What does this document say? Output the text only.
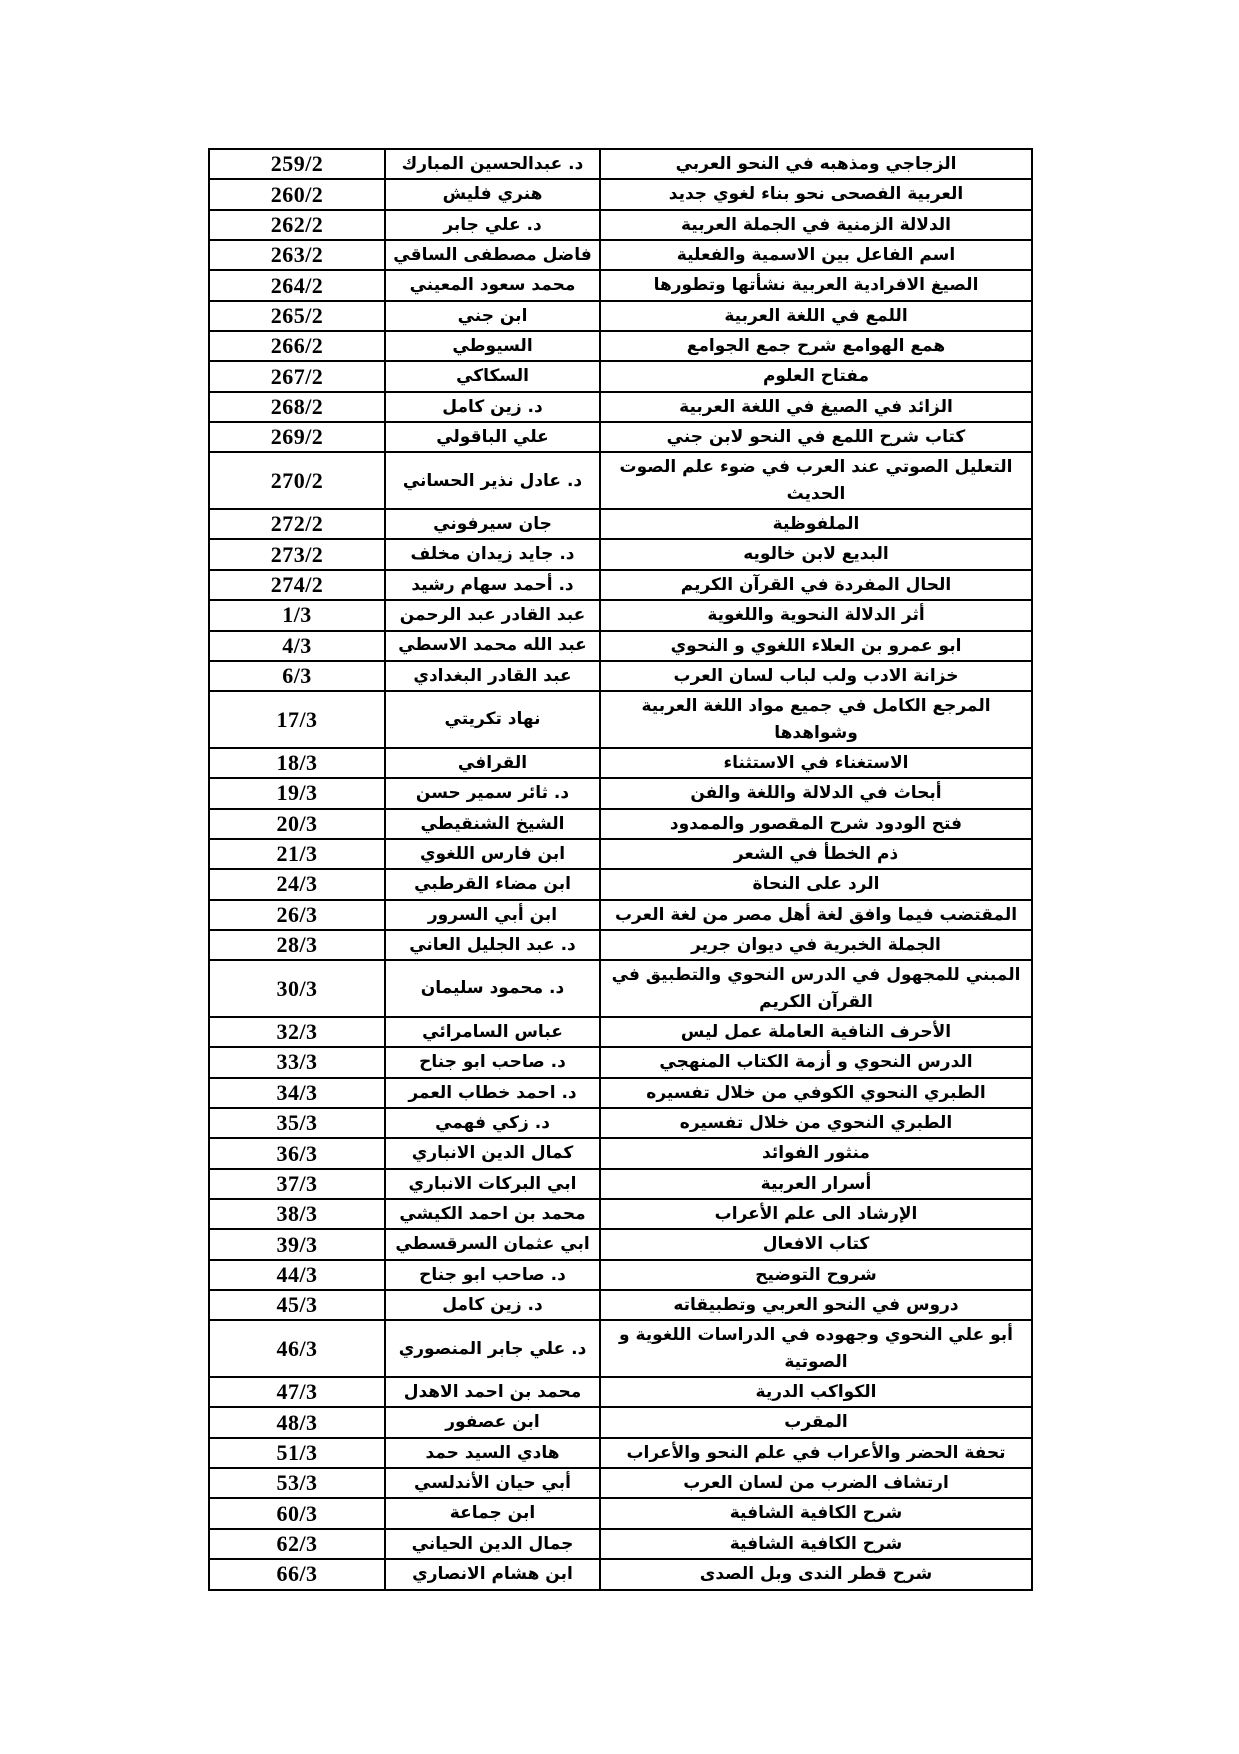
الزجاجي ومذهبه في النحو العربي	د. عبدالحسين المبارك	259/2
العربية الفصحى نحو بناء لغوي جديد	هنري فليش	260/2
الدلالة الزمنية في الجملة العربية	د. علي جابر	262/2
اسم الفاعل بين الاسمية والفعلية	فاضل مصطفى الساقي	263/2
الصيغ الافرادية العربية نشأتها وتطورها	محمد سعود المعيني	264/2
اللمع في اللغة العربية	ابن جني	265/2
همع الهوامع شرح جمع الجوامع	السيوطي	266/2
مفتاح العلوم	السكاكي	267/2
الزائد في الصيغ في اللغة العربية	د. زين كامل	268/2
كتاب شرح اللمع في النحو لابن جني	علي الباقولي	269/2
التعليل الصوتي عند العرب في ضوء علم الصوت الحديث	د. عادل نذير الحساني	270/2
الملفوظية	جان سيرفوني	272/2
البديع لابن خالويه	د. جايد زيدان مخلف	273/2
الحال المفردة في القرآن الكريم	د. أحمد سهام رشيد	274/2
أثر الدلالة النحوية واللغوية	عبد القادر عبد الرحمن	1/3
ابو عمرو بن العلاء اللغوي و النحوي	عبد الله محمد الاسطي	4/3
خزانة الادب ولب لباب لسان العرب	عبد القادر البغدادي	6/3
المرجع الكامل في جميع مواد اللغة العربية وشواهدها	نهاد تكريتي	17/3
الاستغناء في الاستثناء	القرافي	18/3
أبحاث في الدلالة واللغة والفن	د. ثائر سمير حسن	19/3
فتح الودود شرح المقصور والممدود	الشيخ الشنقيطي	20/3
ذم الخطأ في الشعر	ابن فارس اللغوي	21/3
الرد على النحاة	ابن مضاء القرطبي	24/3
المقتضب فيما وافق لغة أهل مصر من لغة العرب	ابن أبي السرور	26/3
الجملة الخبرية في ديوان جرير	د. عبد الجليل العاني	28/3
المبني للمجهول في الدرس النحوي والتطبيق في القرآن الكريم	د. محمود سليمان	30/3
الأحرف النافية العاملة عمل ليس	عباس السامرائي	32/3
الدرس النحوي و أزمة الكتاب المنهجي	د. صاحب ابو جناح	33/3
الطبري النحوي الكوفي من خلال تفسيره	د. احمد خطاب العمر	34/3
الطبري النحوي من خلال تفسيره	د. زكي فهمي	35/3
منثور الفوائد	كمال الدين الانباري	36/3
أسرار العربية	ابي البركات الانباري	37/3
الإرشاد الى علم الأعراب	محمد بن احمد الكيشي	38/3
كتاب الافعال	ابي عثمان السرقسطي	39/3
شروح التوضيح	د. صاحب ابو جناح	44/3
دروس في النحو العربي وتطبيقاته	د. زين كامل	45/3
أبو علي النحوي وجهوده في الدراسات اللغوية و الصوتية	د. علي جابر المنصوري	46/3
الكواكب الدرية	محمد بن احمد الاهدل	47/3
المقرب	ابن عصفور	48/3
تحفة الحضر والأعراب في علم النحو والأعراب	هادي السيد حمد	51/3
ارتشاف الضرب من لسان العرب	أبي حيان الأندلسي	53/3
شرح الكافية الشافية	ابن جماعة	60/3
شرح الكافية الشافية	جمال الدين الحياني	62/3
شرح قطر الندى وبل الصدى	ابن هشام الانصاري	66/3
